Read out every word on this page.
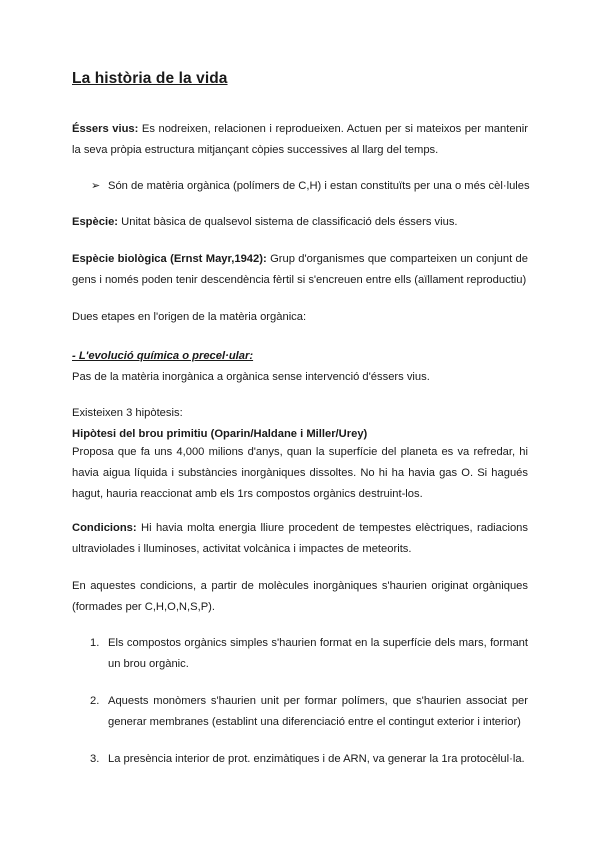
La història de la vida

Éssers vius: Es nodreixen, relacionen i reprodueixen. Actuen per si mateixos per mantenir la seva pròpia estructura mitjançant còpies successives al llarg del temps.

➢ Són de matèria orgànica (polímers de C,H) i estan constituïts per una o més cèl·lules

Espècie: Unitat bàsica de qualsevol sistema de classificació dels éssers vius.

Espècie biològica (Ernst Mayr,1942): Grup d'organismes que comparteixen un conjunt de gens i només poden tenir descendència fèrtil si s'encreuen entre ells (aïllament reproductiu)

Dues etapes en l'origen de la matèria orgànica:

- L'evolució química o precel·ular:
Pas de la matèria inorgànica a orgànica sense intervenció d'éssers vius.

Existeixen 3 hipòtesis:
Hipòtesi del brou primitiu (Oparin/Haldane i Miller/Urey)

Proposa que fa uns 4,000 milions d'anys, quan la superfície del planeta es va refredar, hi havia aigua líquida i substàncies inorgàniques dissoltes. No hi ha havia gas O. Si hagués hagut, hauria reaccionat amb els 1rs compostos orgànics destruint-los.

Condicions: Hi havia molta energia lliure procedent de tempestes elèctriques, radiacions ultraviolades i lluminoses, activitat volcànica i impactes de meteorits.

En aquestes condicions, a partir de molècules inorgàniques s'haurien originat orgàniques (formades per C,H,O,N,S,P).

1. Els compostos orgànics simples s'haurien format en la superfície dels mars, formant un brou orgànic.

2. Aquests monòmers s'haurien unit per formar polímers, que s'haurien associat per generar membranes (establint una diferenciació entre el contingut exterior i interior)

3. La presència interior de prot. enzimàtiques i de ARN, va generar la 1ra protocèlul·la.
